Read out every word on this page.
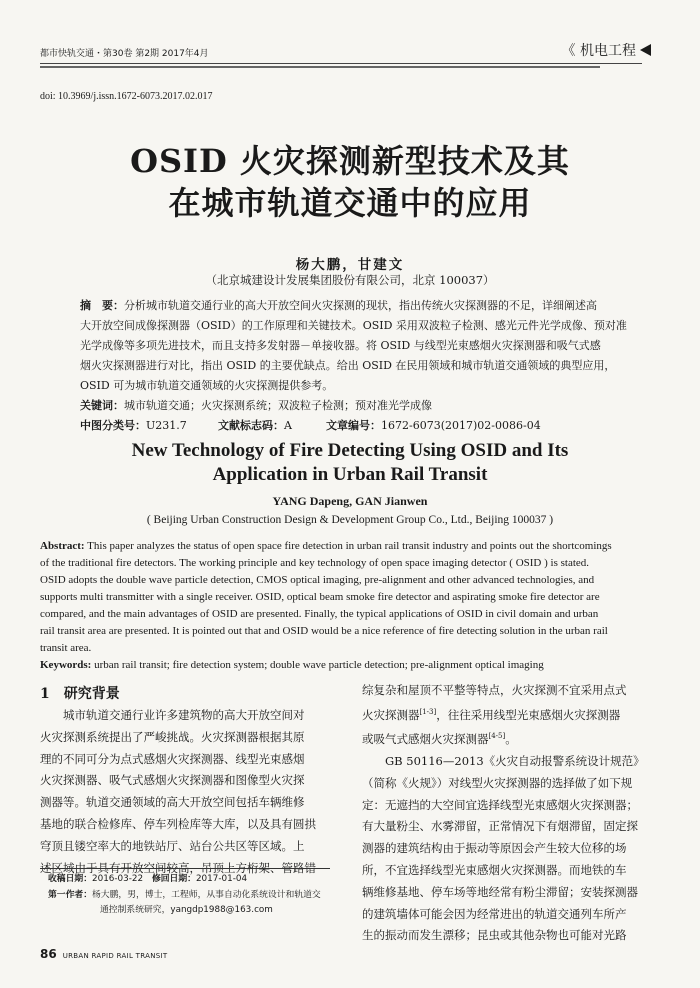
都市快轨交通・第30卷 第2期 2017年4月	《 机电工程
doi: 10.3969/j.issn.1672-6073.2017.02.017
OSID 火灾探测新型技术及其
在城市轨道交通中的应用
杨大鹏，甘建文
（北京城建设计发展集团股份有限公司，北京 100037）
摘　要：分析城市轨道交通行业的高大开放空间火灾探测的现状，指出传统火灾探测器的不足，详细阐述高
大开放空间成像探测器（OSID）的工作原理和关键技术。OSID 采用双波粒子检测、感光元件光学成像、预对准
光学成像等多项先进技术，而且支持多发射器－单接收器。将 OSID 与线型光束感烟火灾探测器和吸气式感
烟火灾探测器进行对比，指出 OSID 的主要优缺点。给出 OSID 在民用领域和城市轨道交通领域的典型应用，
OSID 可为城市轨道交通领域的火灾探测提供参考。
关键词：城市轨道交通；火灾探测系统；双波粒子检测；预对准光学成像
中图分类号：U231.7	文献标志码：A	文章编号：1672-6073(2017)02-0086-04
New Technology of Fire Detecting Using OSID and Its
Application in Urban Rail Transit
YANG Dapeng, GAN Jianwen
( Beijing Urban Construction Design & Development Group Co., Ltd., Beijing 100037 )
Abstract: This paper analyzes the status of open space fire detection in urban rail transit industry and points out the shortcomings
of the traditional fire detectors. The working principle and key technology of open space imaging detector ( OSID ) is stated.
OSID adopts the double wave particle detection, CMOS optical imaging, pre-alignment and other advanced technologies, and
supports multi transmitter with a single receiver. OSID, optical beam smoke fire detector and aspirating smoke fire detector are
compared, and the main advantages of OSID are presented. Finally, the typical applications of OSID in civil domain and urban
rail transit area are presented. It is pointed out that and OSID would be a nice reference of fire detecting solution in the urban rail
transit area.
Keywords: urban rail transit; fire detection system; double wave particle detection; pre-alignment optical imaging
1　研究背景
城市轨道交通行业许多建筑物的高大开放空间对
火灾探测系统提出了严峻挑战。火灾探测器根据其原
理的不同可分为点式感烟火灾探测器、线型光束感烟
火灾探测器、吸气式感烟火灾探测器和图像型火灾探
测器等。轨道交通领域的高大开放空间包括车辆维修
基地的联合检修库、停车列检库等大库，以及具有圆拱
穹顶且镂空率大的地铁站厅、站台公共区等区域。上
述区域由于具有开放空间较高，吊顶上方桁架、管路错
综复杂和屋顶不平整等特点，火灾探测不宜采用点式
火灾探测器[1-3]，往往采用线型光束感烟火灾探测器
或吸气式感烟火灾探测器[4-5]。
GB 50116—2013《火灾自动报警系统设计规范》
（简称《火规》）对线型火灾探测器的选择做了如下规
定：无遮挡的大空间宜选择线型光束感烟火灾探测器；
有大量粉尘、水雾滞留，正常情况下有烟滞留，固定探
测器的建筑结构由于振动等原因会产生较大位移的场
所，不宜选择线型光束感烟火灾探测器。而地铁的车
辆维修基地、停车场等地经常有粉尘滞留；安装探测器
的建筑墙体可能会因为经常进出的轨道交通列车所产
生的振动而发生漂移；昆虫或其他杂物也可能对光路
收稿日期：2016-03-22　 修回日期：2017-01-04
第一作者：杨大鹏，男，博士，工程师，从事自动化系统设计和轨道交
通控制系统研究，yangdp1988@163.com
86 URBAN RAPID RAIL TRANSIT
